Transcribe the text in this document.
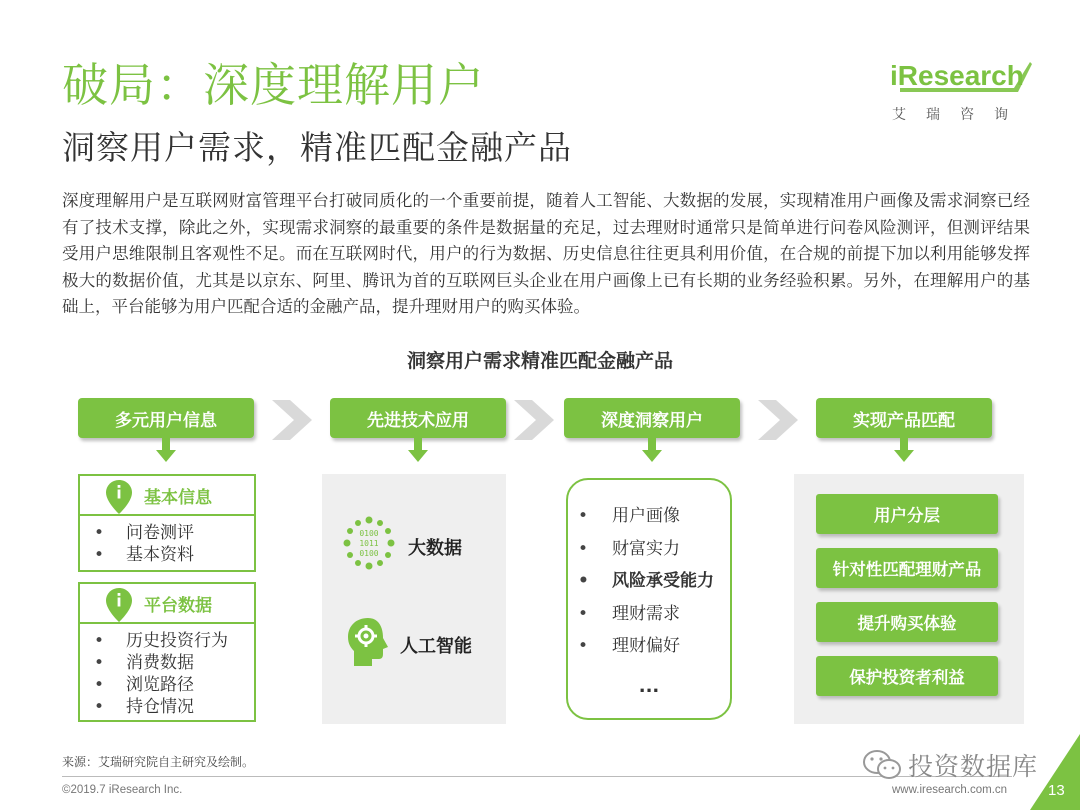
破局：深度理解用户
洞察用户需求，精准匹配金融产品
iResearch
艾瑞咨询
深度理解用户是互联网财富管理平台打破同质化的一个重要前提，随着人工智能、大数据的发展，实现精准用户画像及需求洞察已经有了技术支撑，除此之外，实现需求洞察的最重要的条件是数据量的充足，过去理财时通常只是简单进行问卷风险测评，但测评结果受用户思维限制且客观性不足。而在互联网时代，用户的行为数据、历史信息往往更具利用价值，在合规的前提下加以利用能够发挥极大的数据价值，尤其是以京东、阿里、腾讯为首的互联网巨头企业在用户画像上已有长期的业务经验积累。另外，在理解用户的基础上，平台能够为用户匹配合适的金融产品，提升理财用户的购买体验。
洞察用户需求精准匹配金融产品
多元用户信息	先进技术应用	深度洞察用户	实现产品匹配
基本信息
• 问卷测评
• 基本资料
平台数据
• 历史投资行为
• 消费数据
• 浏览路径
• 持仓情况
0100
1011
0100 大数据
人工智能
• 用户画像
• 财富实力
• 风险承受能力
• 理财需求
• 理财偏好
...
用户分层
针对性匹配理财产品
提升购买体验
保护投资者利益
来源：艾瑞研究院自主研究及绘制。
©2019.7 iResearch Inc.	www.iresearch.com.cn
投资数据库
13
